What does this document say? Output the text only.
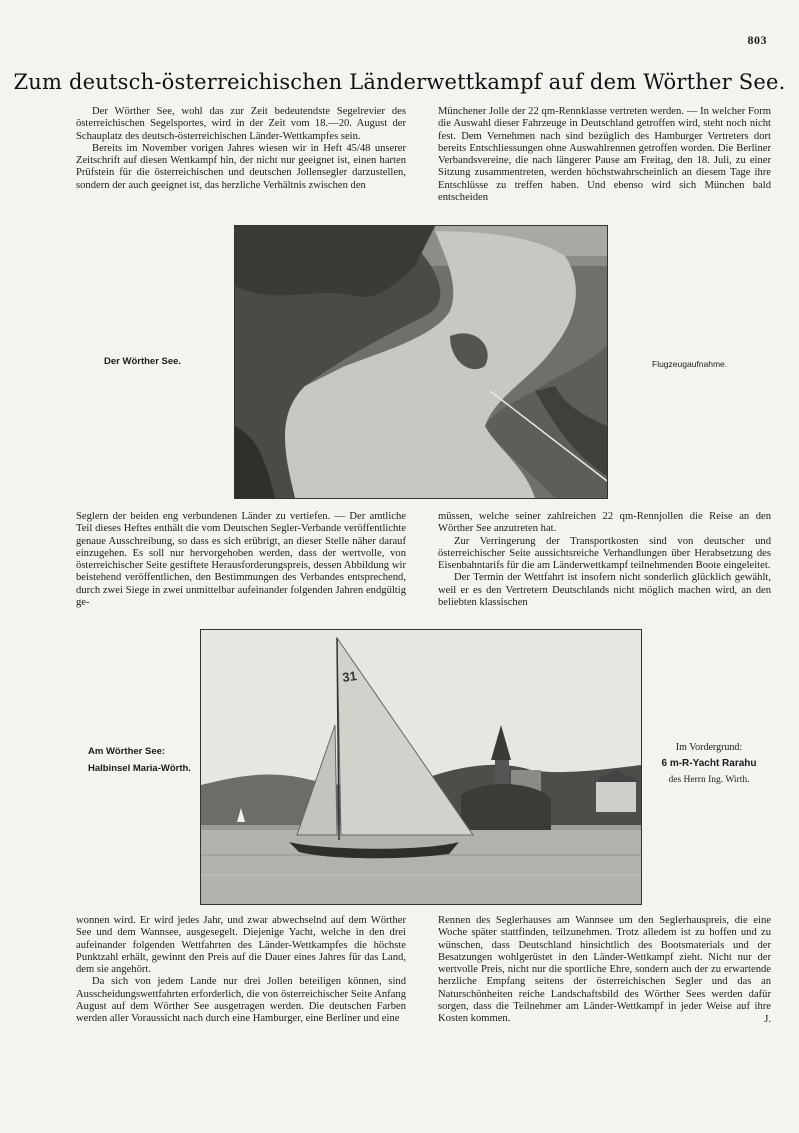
803
Zum deutsch-österreichischen Länderwettkampf auf dem Wörther See.

Der Wörther See, wohl das zur Zeit bedeutendste Segelrevier des österreichischen Segelsportes, wird in der Zeit vom 18.—20. August der Schauplatz des deutsch-österreichischen Länder-Wettkampfes sein.

Bereits im November vorigen Jahres wiesen wir in Heft 45/48 unserer Zeitschrift auf diesen Wettkampf hin, der nicht nur geeignet ist, einen harten Prüfstein für die österreichischen und deutschen Jollensegler darzustellen, sondern der auch geeignet ist, das herzliche Verhältnis zwischen den

Münchener Jolle der 22 qm-Rennklasse vertreten werden. — In welcher Form die Auswahl dieser Fahrzeuge in Deutschland getroffen wird, steht noch nicht fest. Dem Vernehmen nach sind bezüglich des Hamburger Vertreters dort bereits Entschliessungen ohne Auswahlrennen getroffen worden. Die Berliner Verbandsvereine, die nach längerer Pause am Freitag, den 18. Juli, zu einer Sitzung zusammentreten, werden höchstwahrscheinlich an diesem Tage ihre Entschlüsse zu treffen haben. Und ebenso wird sich München bald entscheiden

Der Wörther See.	Flugzeugaufnahme.

Seglern der beiden eng verbundenen Länder zu vertiefen. — Der amtliche Teil dieses Heftes enthält die vom Deutschen Segler-Verbande veröffentlichte genaue Ausschreibung, so dass es sich erübrigt, an dieser Stelle näher darauf einzugehen. Es soll nur hervorgehoben werden, dass der wertvolle, von österreichischer Seite gestiftete Herausforderungspreis, dessen Abbildung wir beistehend veröffentlichen, den Bestimmungen des Verbandes entsprechend, durch zwei Siege in zwei unmittelbar aufeinander folgenden Jahren endgültig ge-

müssen, welche seiner zahlreichen 22 qm-Rennjollen die Reise an den Wörther See anzutreten hat.

Zur Verringerung der Transportkosten sind von deutscher und österreichischer Seite aussichtsreiche Verhandlungen über Herabsetzung des Eisenbahntarifs für die am Länderwettkampf teilnehmenden Boote eingeleitet.

Der Termin der Wettfahrt ist insofern nicht sonderlich glücklich gewählt, weil er es den Vertretern Deutschlands nicht möglich machen wird, an den beliebten klassischen

31
Am Wörther See:
Halbinsel Maria-Wörth.
Im Vordergrund:
6 m-R-Yacht Rarahu
des Herrn Ing. Wirth.

wonnen wird. Er wird jedes Jahr, und zwar abwechselnd auf dem Wörther See und dem Wannsee, ausgesegelt. Diejenige Yacht, welche in den drei aufeinander folgenden Wettfahrten des Länder-Wettkampfes die höchste Punktzahl erhält, gewinnt den Preis auf die Dauer eines Jahres für das Land, dem sie angehört.

Da sich von jedem Lande nur drei Jollen beteiligen können, sind Ausscheidungswettfahrten erforderlich, die von österreichischer Seite Anfang August auf dem Wörther See ausgetragen werden. Die deutschen Farben werden aller Voraussicht nach durch eine Hamburger, eine Berliner und eine

Rennen des Seglerhauses am Wannsee um den Seglerhauspreis, die eine Woche später stattfinden, teilzunehmen. Trotz alledem ist zu hoffen und zu wünschen, dass Deutschland hinsichtlich des Bootsmaterials und der Besatzungen wohlgerüstet in den Länder-Wettkampf zieht. Nicht nur der wertvolle Preis, nicht nur die sportliche Ehre, sondern auch der zu erwartende herzliche Empfang seitens der österreichischen Segler und das an Naturschönheiten reiche Landschaftsbild des Wörther Sees werden dafür sorgen, dass die Teilnehmer am Länder-Wettkampf in jeder Weise auf ihre Kosten kommen.	J.
